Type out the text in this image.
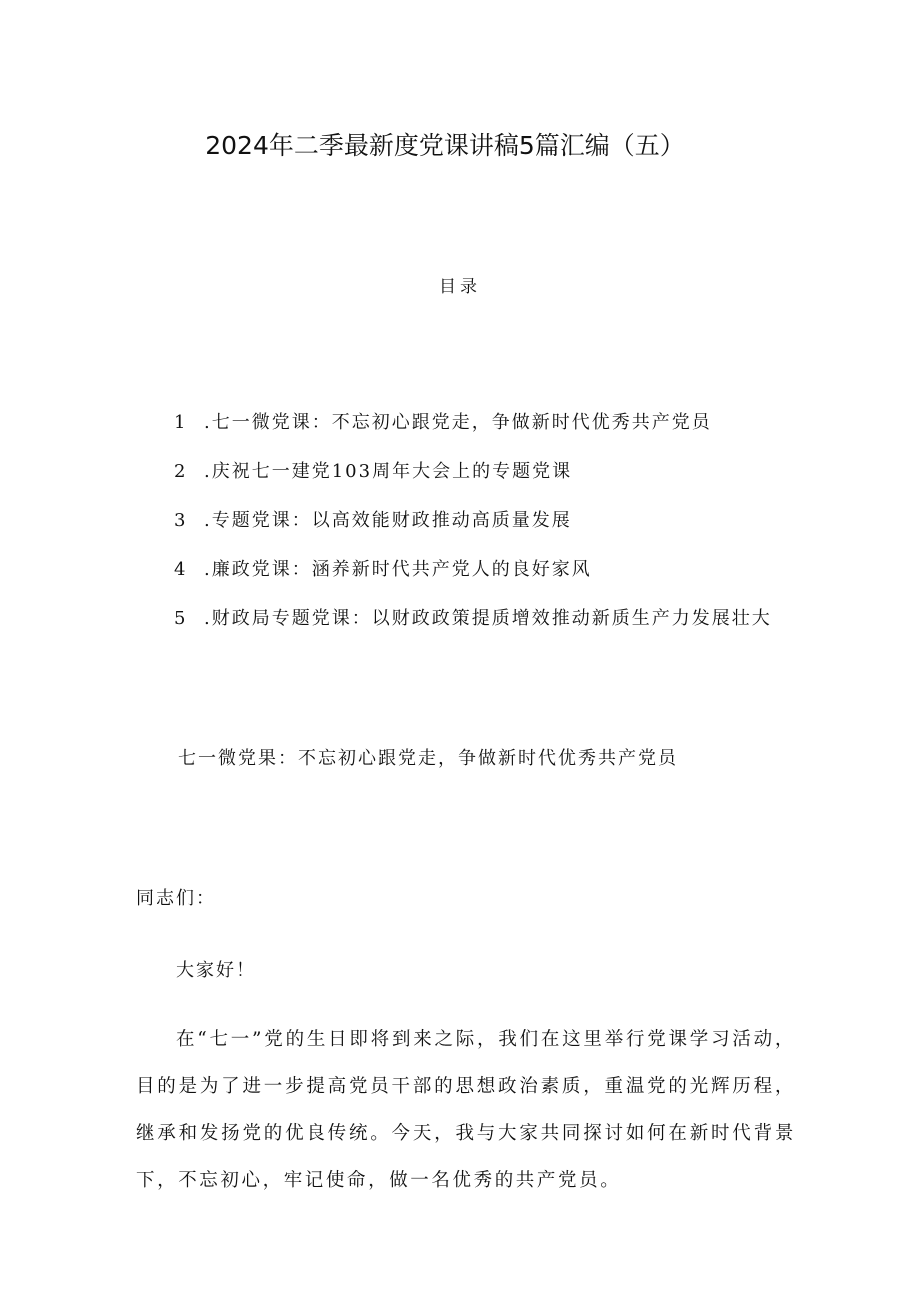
2024年二季最新度党课讲稿5篇汇编（五）
目录
1 .七一微党课：不忘初心跟党走，争做新时代优秀共产党员
2 .庆祝七一建党103周年大会上的专题党课
3 .专题党课：以高效能财政推动高质量发展
4 .廉政党课：涵养新时代共产党人的良好家风
5 .财政局专题党课：以财政政策提质增效推动新质生产力发展壮大
七一微党果：不忘初心跟党走，争做新时代优秀共产党员
同志们：
大家好！

在“七一”党的生日即将到来之际，我们在这里举行党课学习活动，目的是为了进一步提高党员干部的思想政治素质，重温党的光辉历程，继承和发扬党的优良传统。今天，我与大家共同探讨如何在新时代背景下，不忘初心，牢记使命，做一名优秀的共产党员。
